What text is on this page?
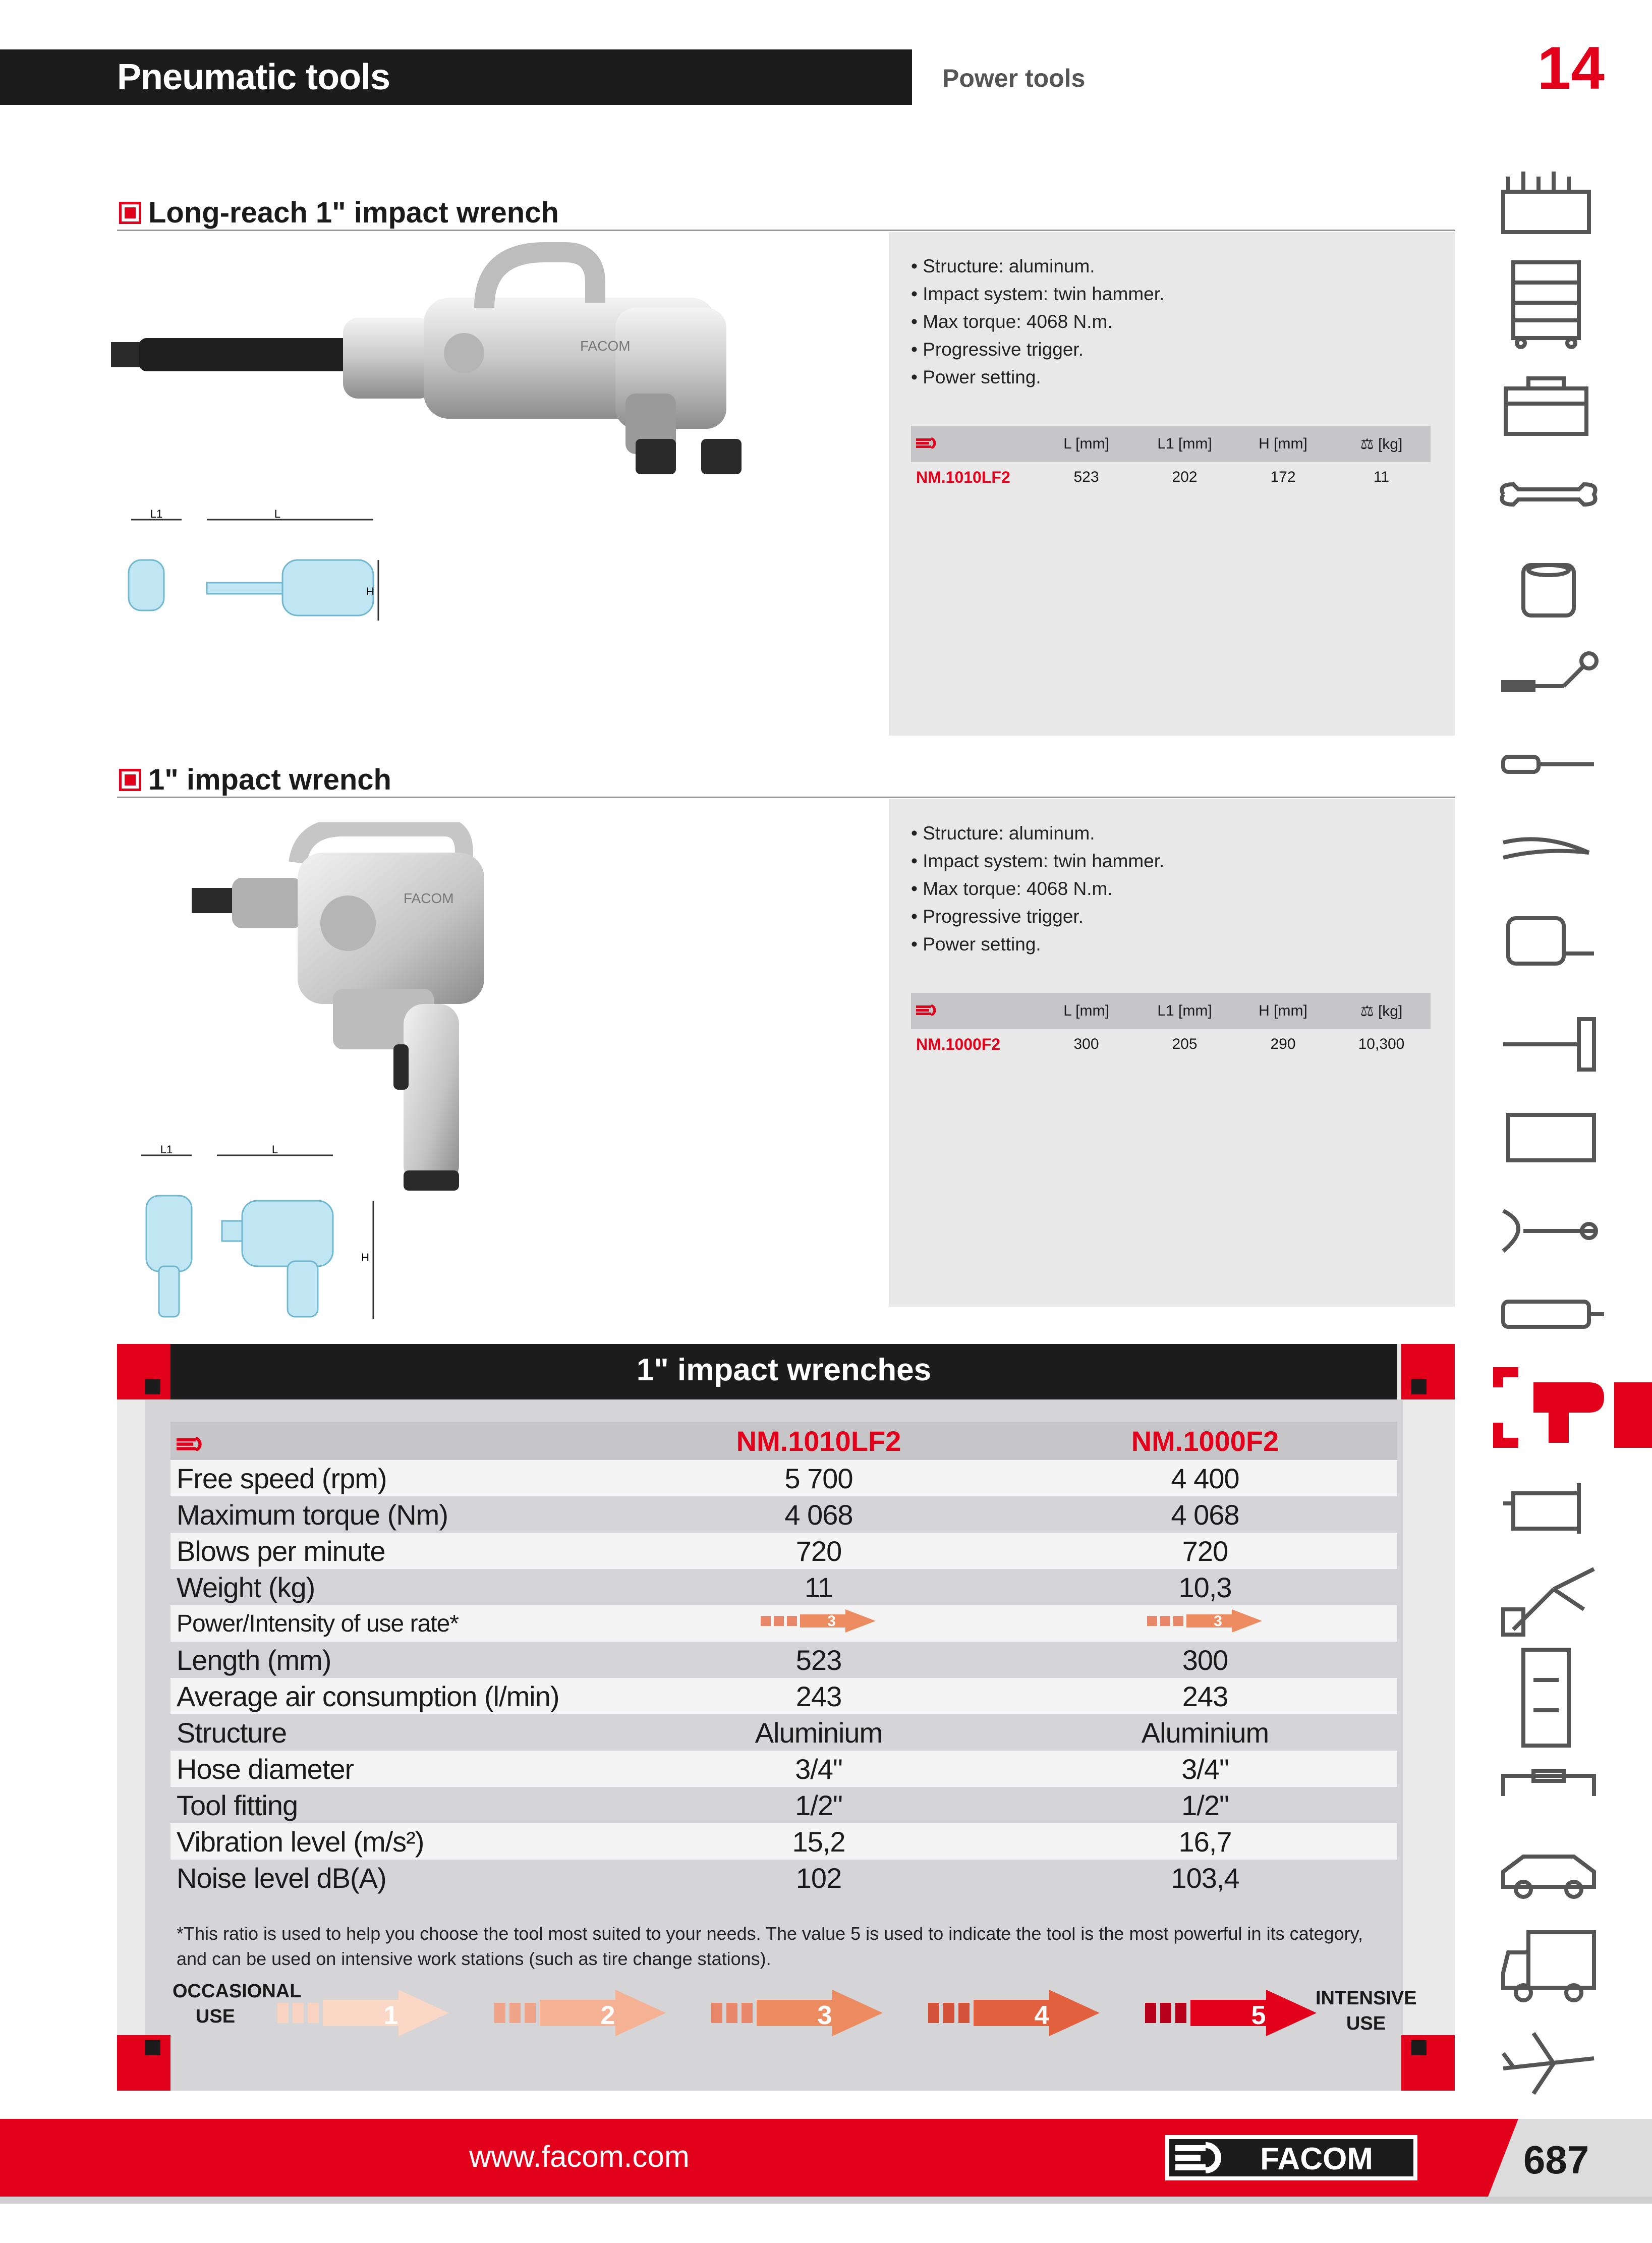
Pneumatic tools	Power tools	14
Long-reach 1" impact wrench
• Structure: aluminum.
• Impact system: twin hammer.
• Max torque: 4068 N.m.
• Progressive trigger.
• Power setting.
L [mm]	L1 [mm]	H [mm]	⚖ [kg]
NM.1010LF2	523	202	172	11
FACOM
L1	L
H
1" impact wrench
• Structure: aluminum.
• Impact system: twin hammer.
• Max torque: 4068 N.m.
• Progressive trigger.
• Power setting.
L [mm]	L1 [mm]	H [mm]	⚖ [kg]
NM.1000F2	300	205	290	10,300
FACOM
L1	L
H
1" impact wrenches
NM.1010LF2	NM.1000F2
Free speed (rpm)	5 700	4 400
Maximum torque (Nm)	4 068	4 068
Blows per minute	720	720
Weight (kg)	11	10,3
Power/Intensity of use rate*	3	3
Length (mm)	523	300
Average air consumption (l/min)	243	243
Structure	Aluminium	Aluminium
Hose diameter	3/4"	3/4"
Tool fitting	1/2"	1/2"
Vibration level (m/s²)	15,2	16,7
Noise level dB(A)	102	103,4
*This ratio is used to help you choose the tool most suited to your needs. The value 5 is used to indicate the tool is the most powerful in its category, and can be used on intensive work stations (such as tire change stations).
OCCASIONAL USE
INTENSIVE USE
1	2	3	4	5
www.facom.com	FACOM	687
